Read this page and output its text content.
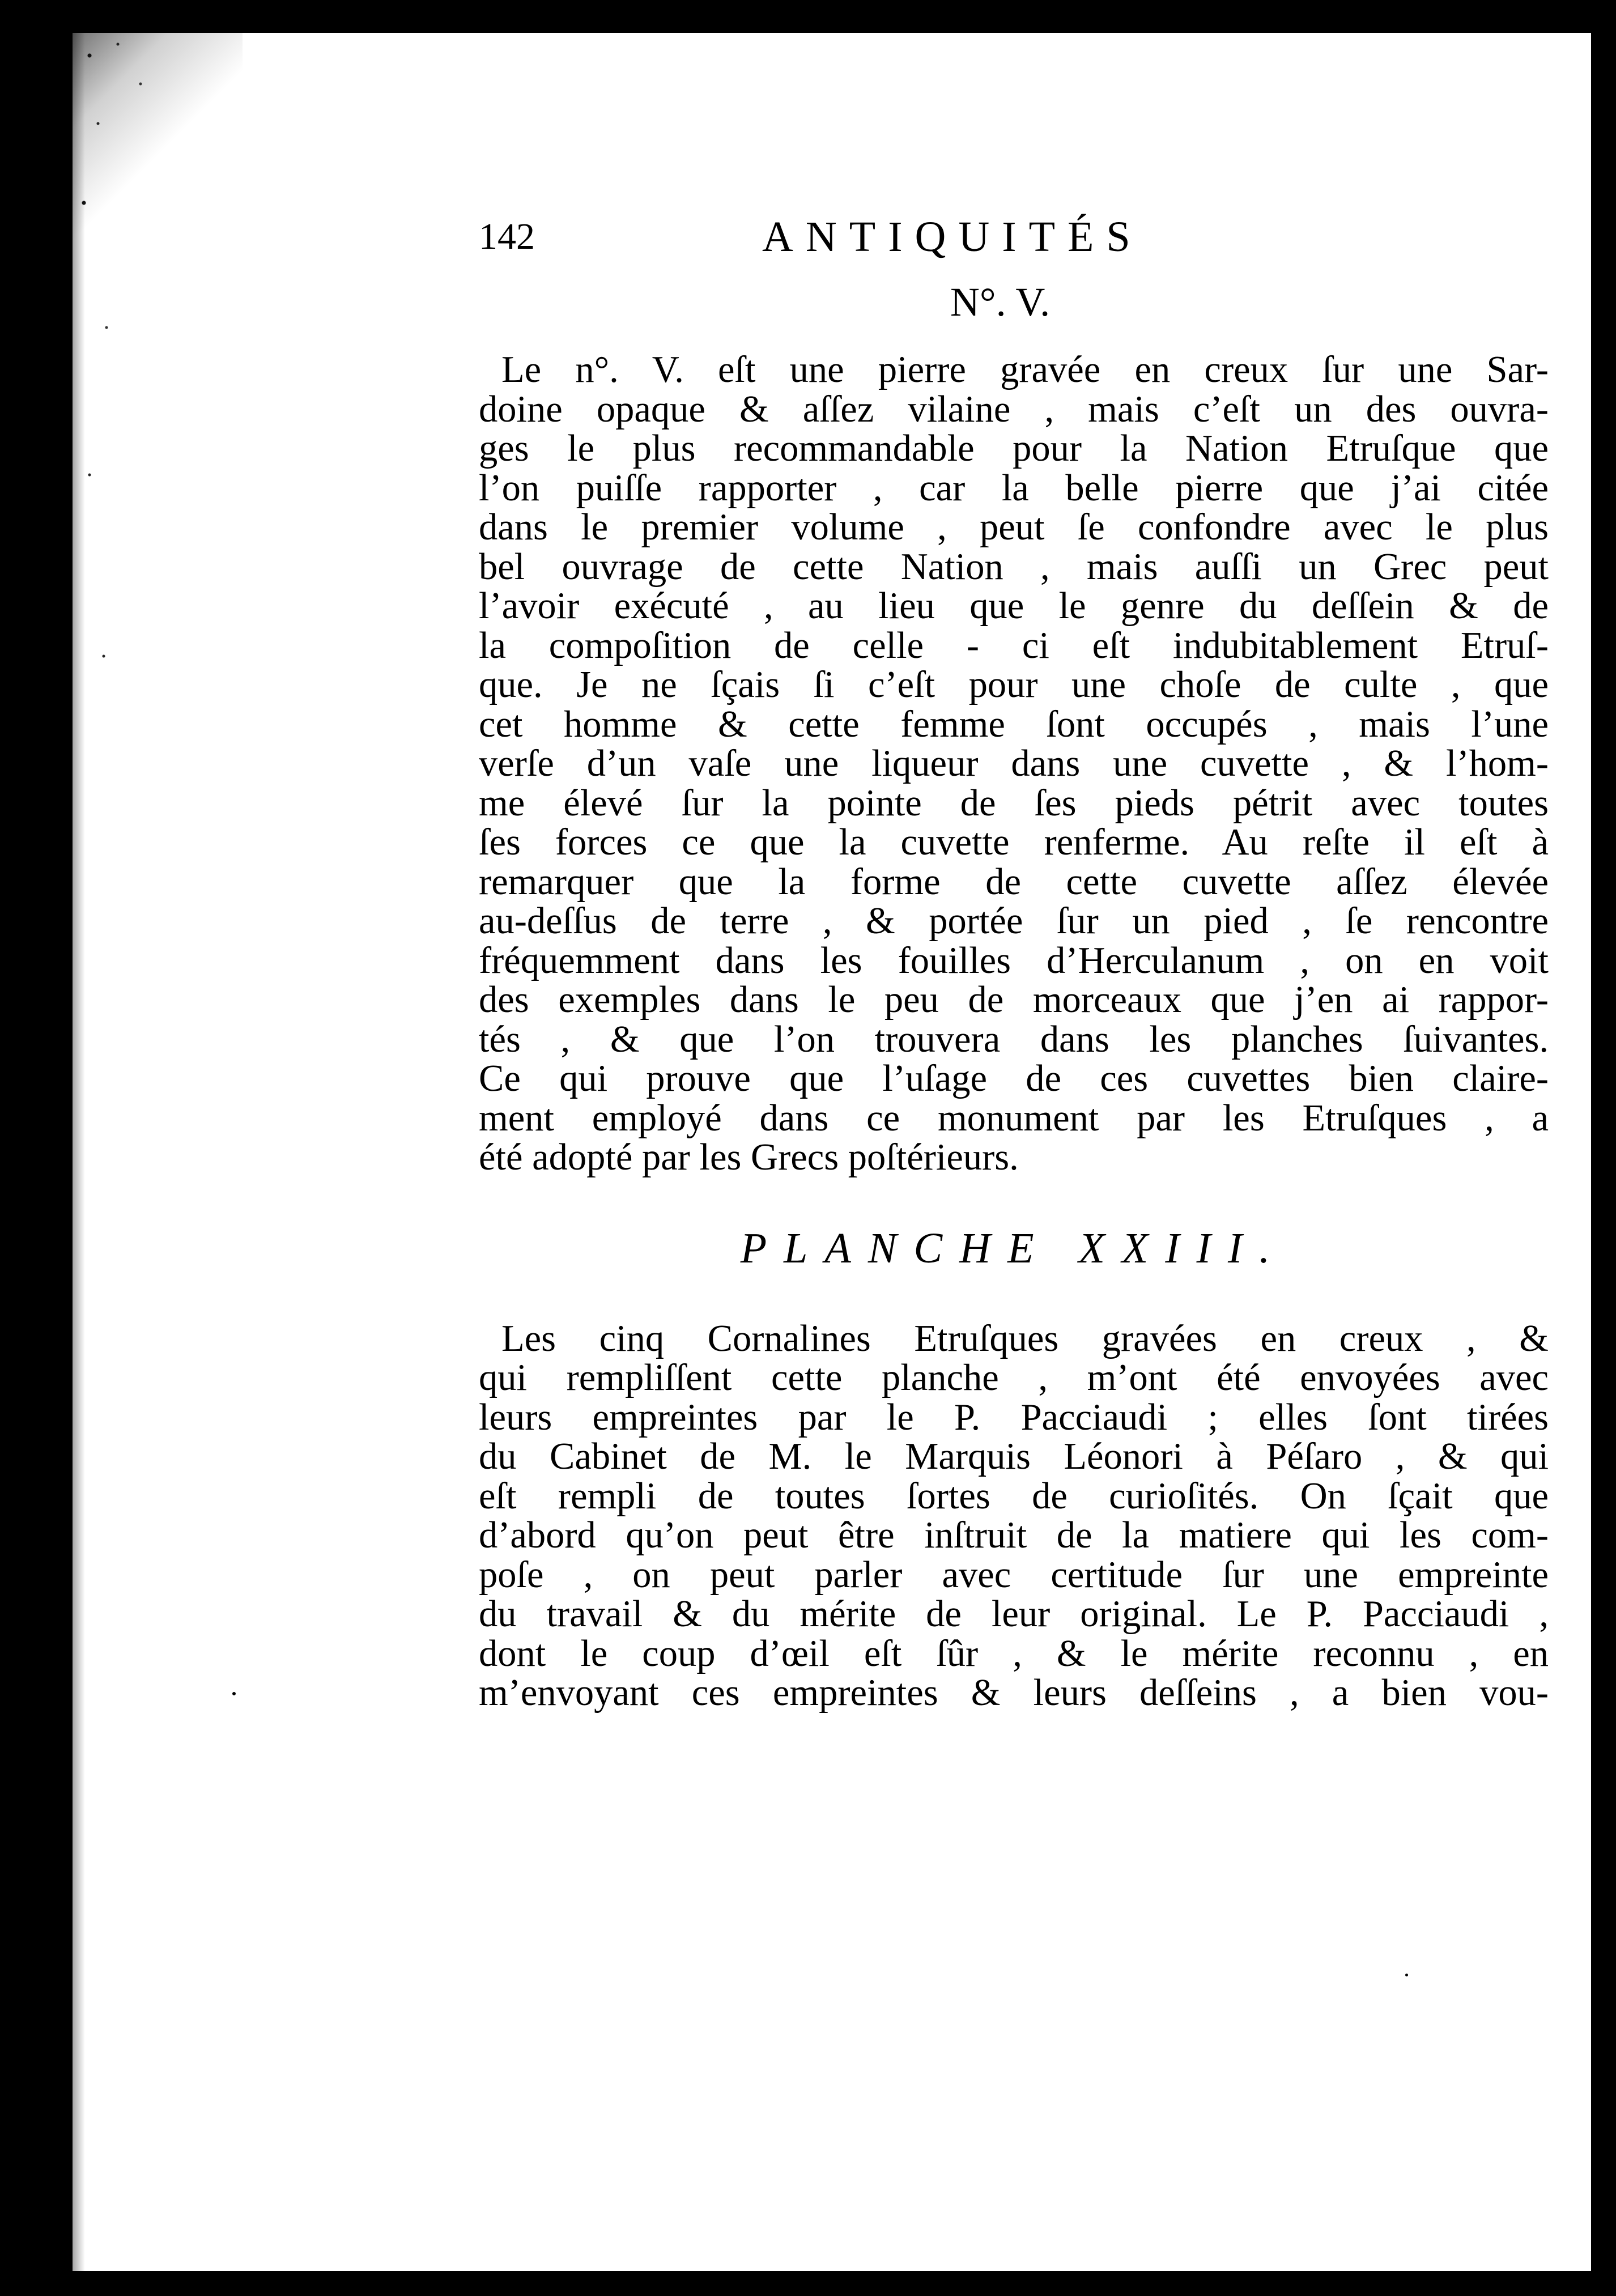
142	ANTIQUITÉS
N°. V.
Le n°. V. eſt une pierre gravée en creux ſur une Sar-
doine opaque & aſſez vilaine , mais c’eſt un des ouvra-
ges le plus recommandable pour la Nation Etruſque que
l’on puiſſe rapporter , car la belle pierre que j’ai citée
dans le premier volume , peut ſe confondre avec le plus
bel ouvrage de cette Nation , mais auſſi un Grec peut
l’avoir exécuté , au lieu que le genre du deſſein & de
la compoſition de celle - ci eſt indubitablement Etruſ-
que. Je ne ſçais ſi c’eſt pour une choſe de culte , que
cet homme & cette femme ſont occupés , mais l’une
verſe d’un vaſe une liqueur dans une cuvette , & l’hom-
me élevé ſur la pointe de ſes pieds pétrit avec toutes
ſes forces ce que la cuvette renferme. Au reſte il eſt à
remarquer que la forme de cette cuvette aſſez élevée
au-deſſus de terre , & portée ſur un pied , ſe rencontre
fréquemment dans les fouilles d’Herculanum , on en voit
des exemples dans le peu de morceaux que j’en ai rappor-
tés , & que l’on trouvera dans les planches ſuivantes.
Ce qui prouve que l’uſage de ces cuvettes bien claire-
ment employé dans ce monument par les Etruſques , a
été adopté par les Grecs poſtérieurs.
PLANCHE XXIII.
Les cinq Cornalines Etruſques gravées en creux , &
qui rempliſſent cette planche , m’ont été envoyées avec
leurs empreintes par le P. Pacciaudi ; elles ſont tirées
du Cabinet de M. le Marquis Léonori à Péſaro , & qui
eſt rempli de toutes ſortes de curioſités. On ſçait que
d’abord qu’on peut être inſtruit de la matiere qui les com-
poſe , on peut parler avec certitude ſur une empreinte
du travail & du mérite de leur original. Le P. Pacciaudi ,
dont le coup d’œil eſt ſûr , & le mérite reconnu , en
m’envoyant ces empreintes & leurs deſſeins , a bien vou-
